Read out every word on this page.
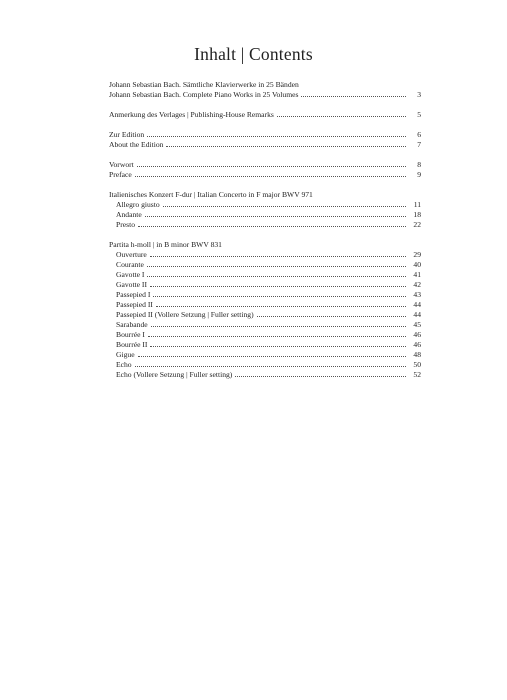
Inhalt | Contents
Johann Sebastian Bach. Sämtliche Klavierwerke in 25 Bänden
Johann Sebastian Bach. Complete Piano Works in 25 Volumes	3
Anmerkung des Verlages | Publishing-House Remarks	5
Zur Edition	6
About the Edition	7
Vorwort	8
Preface	9
Italienisches Konzert F-dur | Italian Concerto in F major BWV 971
Allegro giusto	11
Andante	18
Presto	22
Partita h-moll | in B minor BWV 831
Ouverture	29
Courante	40
Gavotte I	41
Gavotte II	42
Passepied I	43
Passepied II	44
Passepied II (Vollere Setzung | Fuller setting)	44
Sarabande	45
Bourrée I	46
Bourrée II	46
Gigue	48
Echo	50
Echo (Vollere Setzung | Fuller setting)	52
